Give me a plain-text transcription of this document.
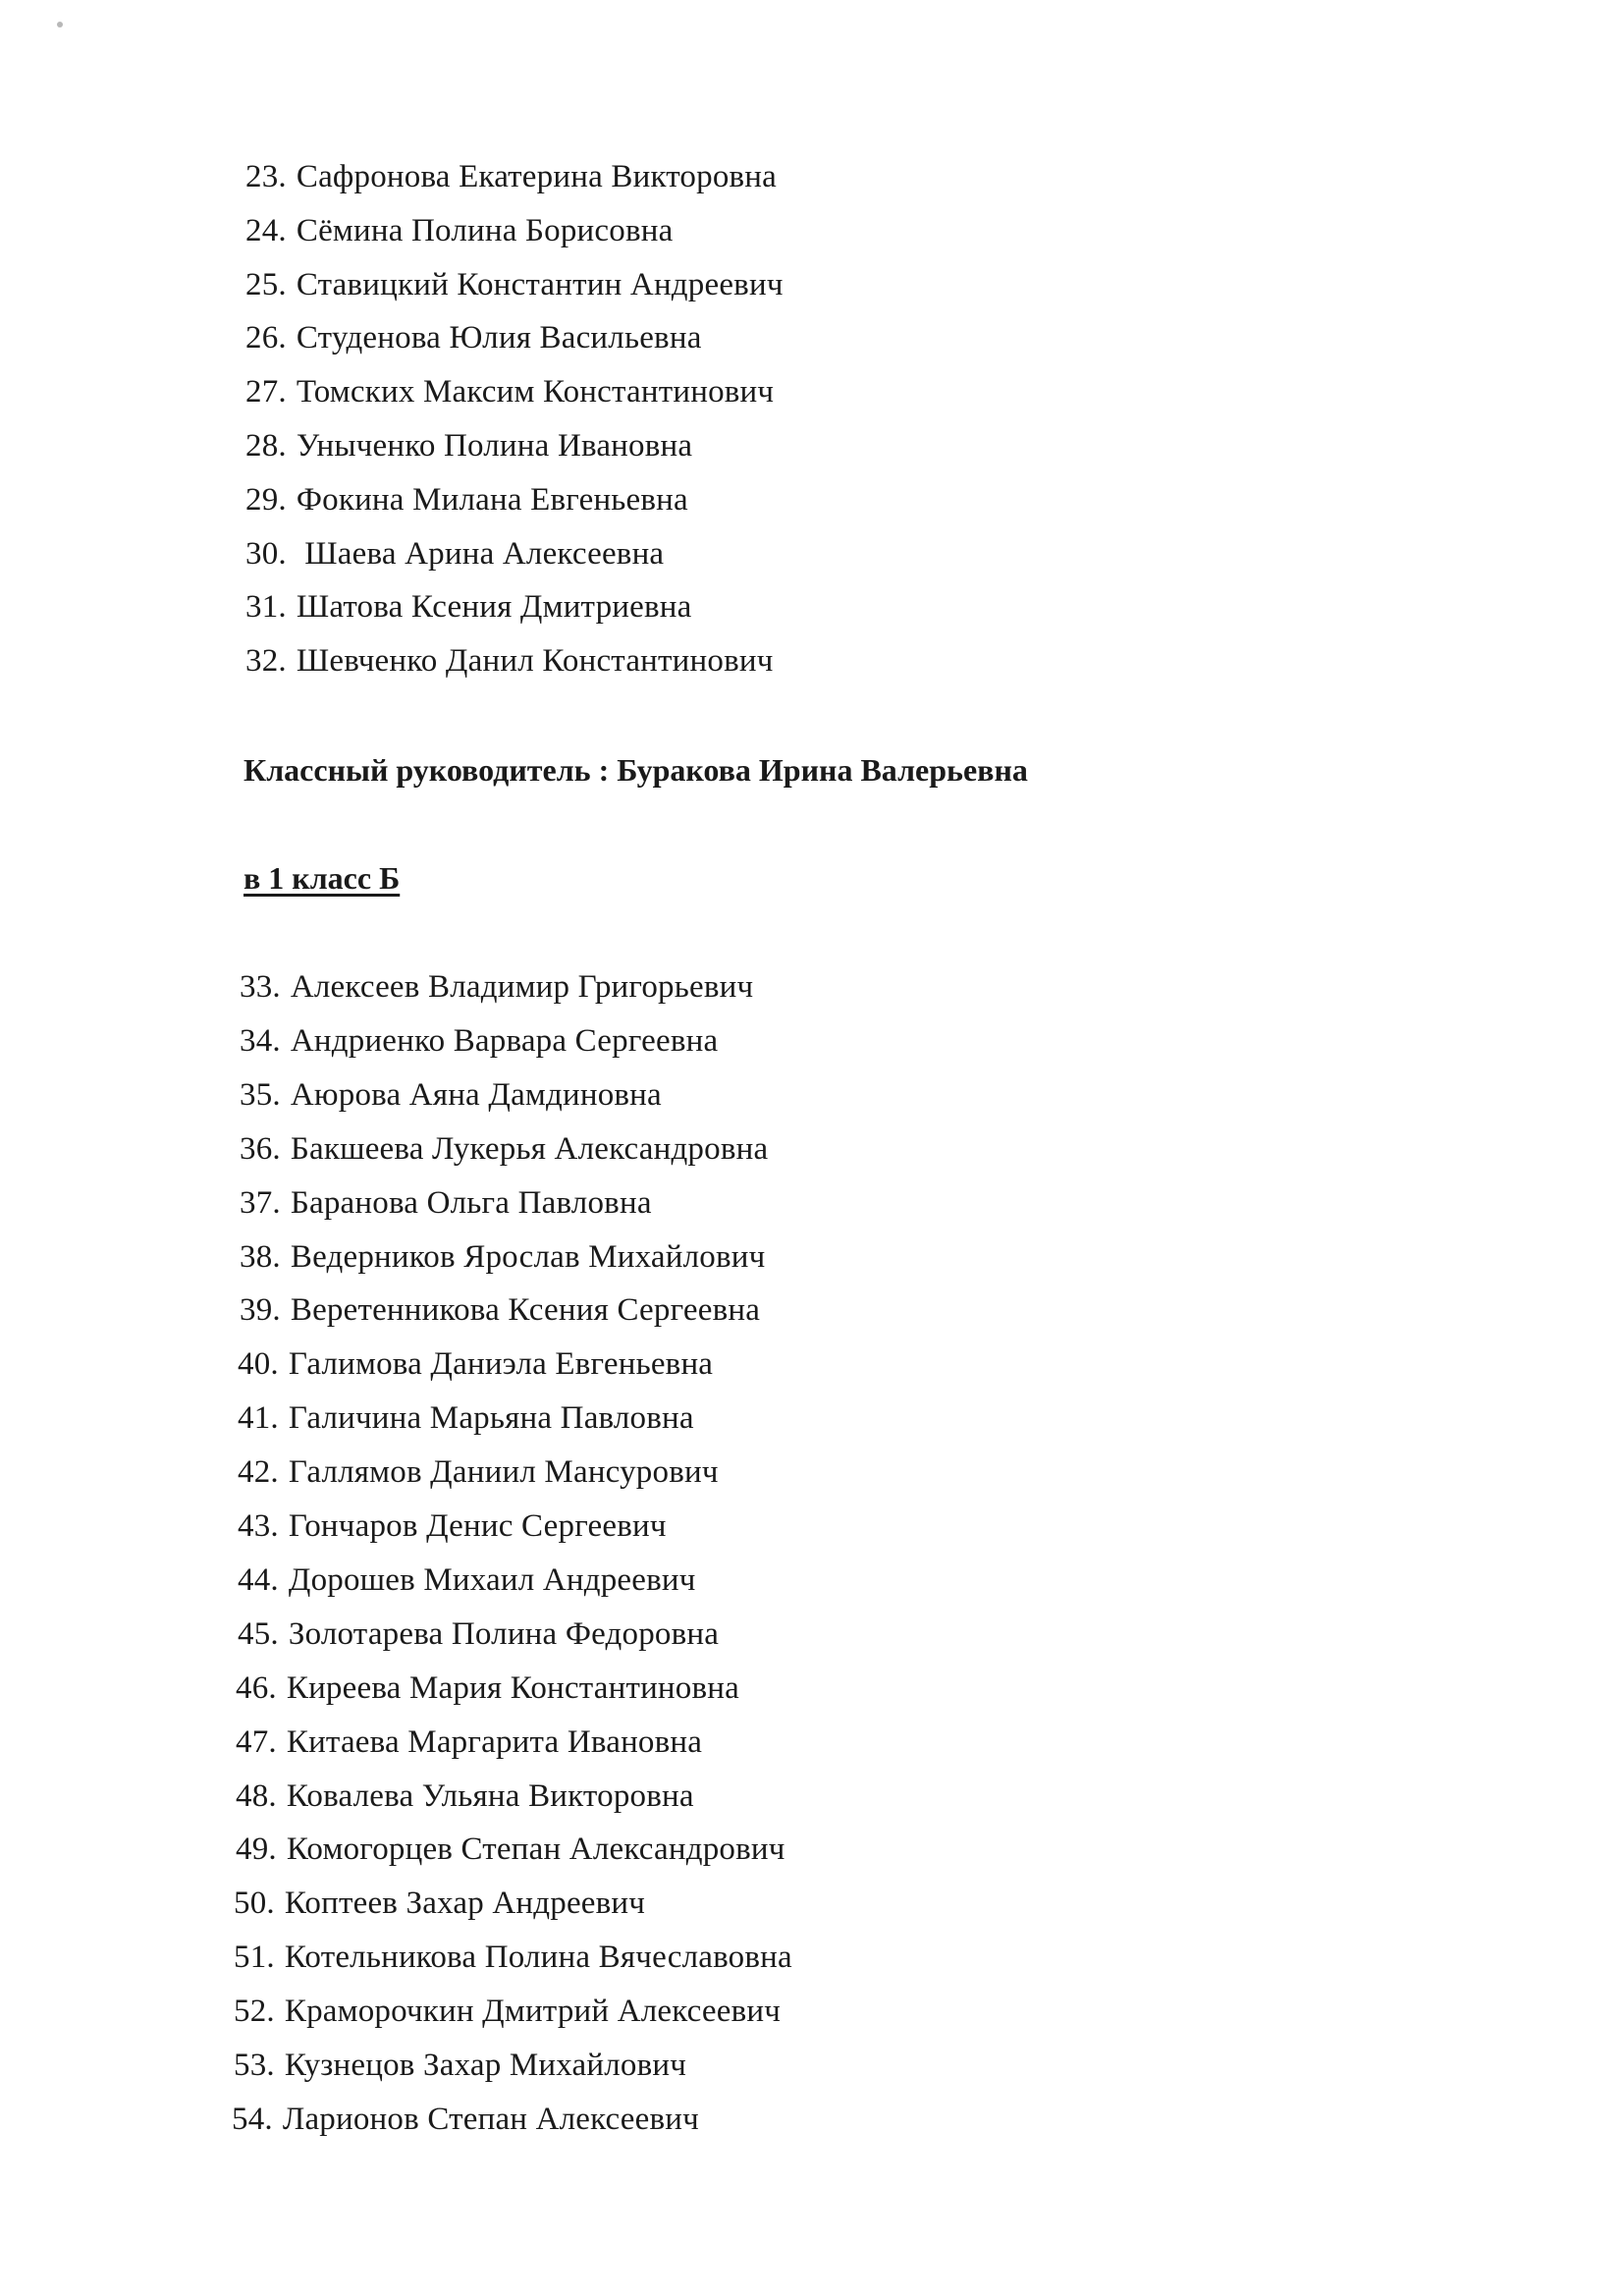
23. Сафронова Екатерина Викторовна
24. Сёмина Полина Борисовна
25. Ставицкий Константин Андреевич
26. Студенова Юлия Васильевна
27. Томских Максим Константинович
28. Уныченко Полина Ивановна
29. Фокина Милана Евгеньевна
30. Шаева Арина Алексеевна
31. Шатова Ксения Дмитриевна
32. Шевченко Данил Константинович
Классный руководитель : Буракова Ирина Валерьевна
в 1 класс Б
33. Алексеев Владимир Григорьевич
34. Андриенко Варвара Сергеевна
35. Аюрова Аяна Дамдиновна
36. Бакшеева Лукерья Александровна
37. Баранова Ольга Павловна
38. Ведерников Ярослав Михайлович
39. Веретенникова Ксения Сергеевна
40. Галимова Даниэла Евгеньевна
41. Галичина Марьяна Павловна
42. Галлямов Даниил Мансурович
43. Гончаров Денис Сергеевич
44. Дорошев Михаил Андреевич
45. Золотарева Полина Федоровна
46. Киреева Мария Константиновна
47. Китаева Маргарита Ивановна
48. Ковалева Ульяна Викторовна
49. Комогорцев Степан Александрович
50. Коптеев Захар Андреевич
51. Котельникова Полина Вячеславовна
52. Краморочкин Дмитрий Алексеевич
53. Кузнецов Захар Михайлович
54. Ларионов Степан Алексеевич
